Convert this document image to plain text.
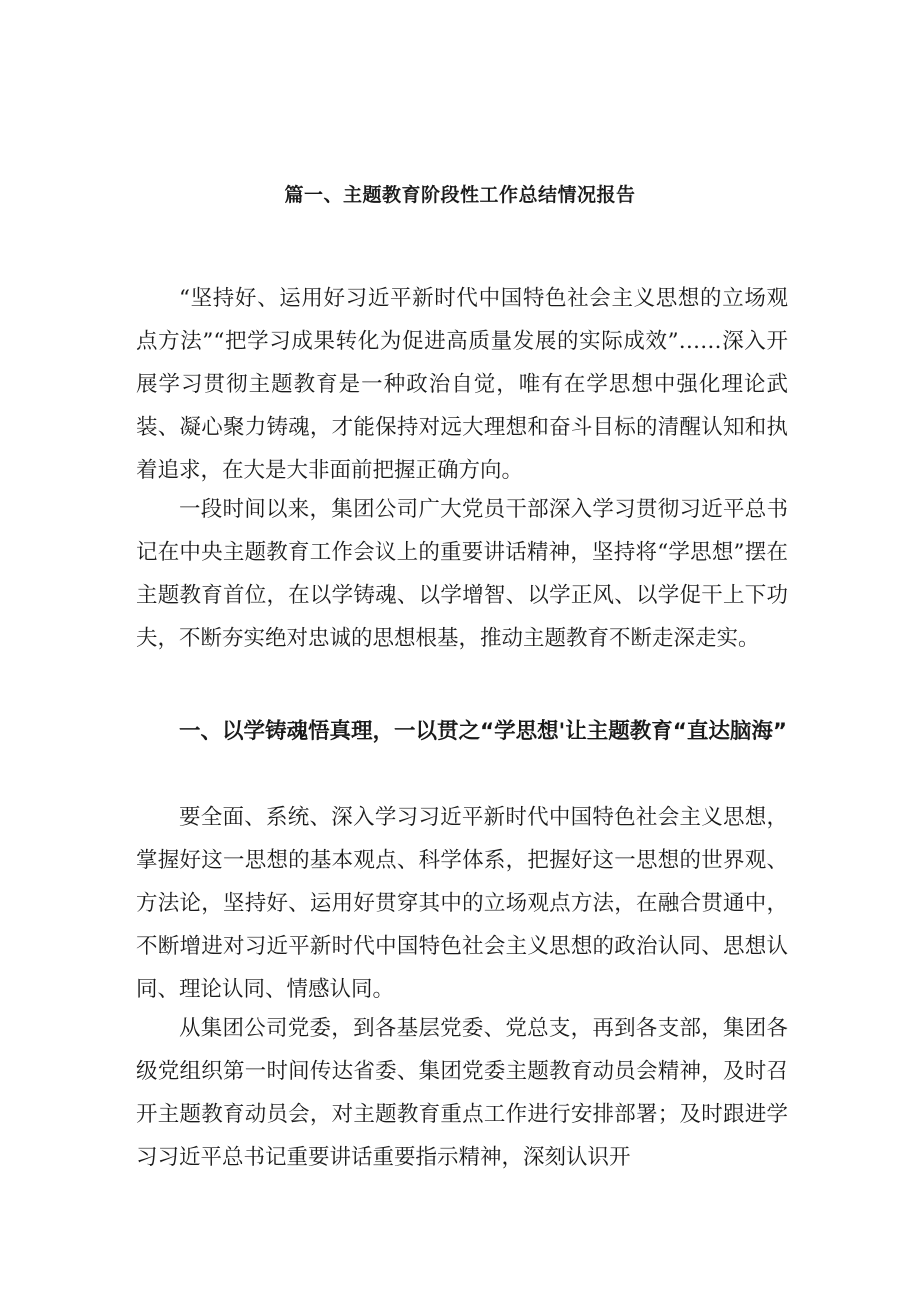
篇一、主题教育阶段性工作总结情况报告

“坚持好、运用好习近平新时代中国特色社会主义思想的立场观点方法”“把学习成果转化为促进高质量发展的实际成效”……深入开展学习贯彻主题教育是一种政治自觉，唯有在学思想中强化理论武装、凝心聚力铸魂，才能保持对远大理想和奋斗目标的清醒认知和执着追求，在大是大非面前把握正确方向。

一段时间以来，集团公司广大党员干部深入学习贯彻习近平总书记在中央主题教育工作会议上的重要讲话精神，坚持将“学思想”摆在主题教育首位，在以学铸魂、以学增智、以学正风、以学促干上下功夫，不断夯实绝对忠诚的思想根基，推动主题教育不断走深走实。

一、以学铸魂悟真理，一以贯之“学思想'让主题教育“直达脑海”

要全面、系统、深入学习习近平新时代中国特色社会主义思想，掌握好这一思想的基本观点、科学体系，把握好这一思想的世界观、方法论，坚持好、运用好贯穿其中的立场观点方法，在融合贯通中，不断增进对习近平新时代中国特色社会主义思想的政治认同、思想认同、理论认同、情感认同。

从集团公司党委，到各基层党委、党总支，再到各支部，集团各级党组织第一时间传达省委、集团党委主题教育动员会精神，及时召开主题教育动员会，对主题教育重点工作进行安排部署；及时跟进学习习近平总书记重要讲话重要指示精神，深刻认识开
